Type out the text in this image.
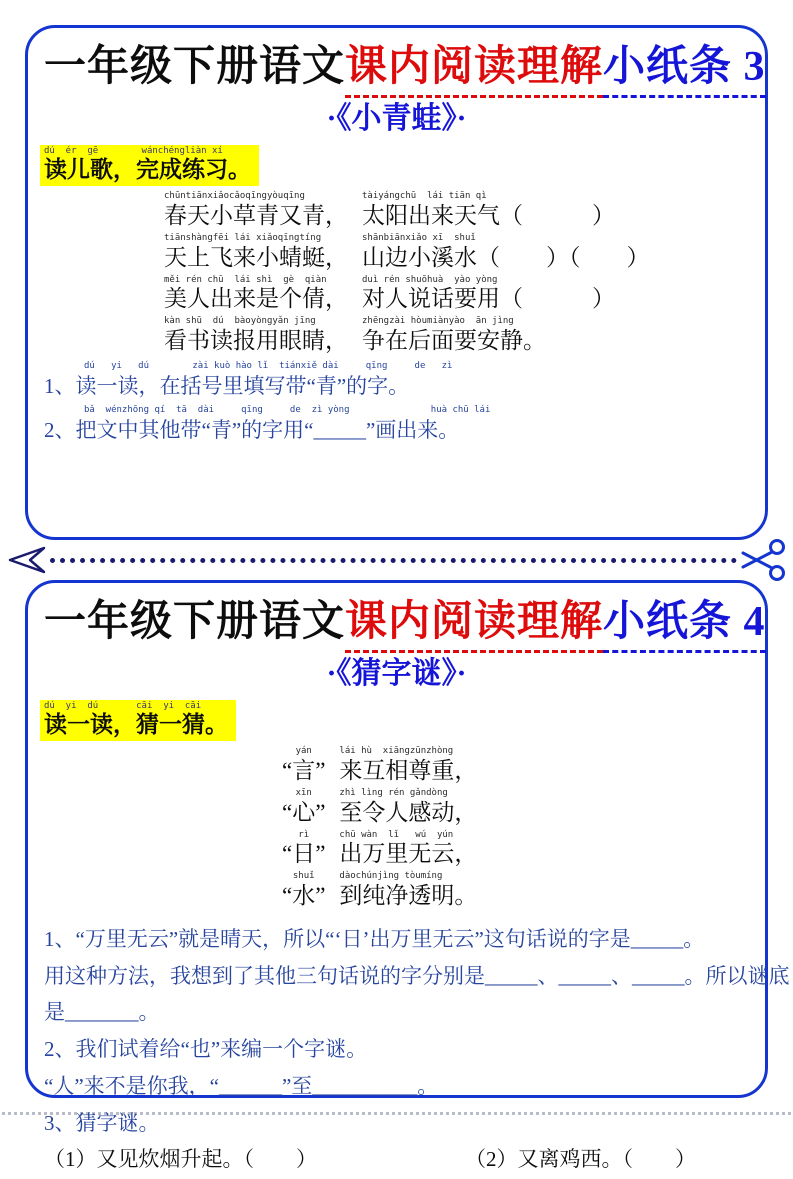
一年级下册语文课内阅读理解小纸条 3
·《小青蛙》·
dú  ér  gē        wánchéngliàn xí
读儿歌，完成练习。
chūntiānxiǎocǎoqīngyòuqīng
春天小草青又青，
tàiyángchū  lái tiān qì
太阳出来天气（　　　）
tiānshàngfēi lái xiǎoqīngtíng
天上飞来小蜻蜓，
shānbiānxiǎo xī  shuǐ
山边小溪水（　　）（　　）
měi rén chū  lái shì  gè  qiàn
美人出来是个倩，
duì rén shuōhuà  yào yòng
对人说话要用（　　　）
kàn shū  dú  bàoyòngyǎn jīng
看书读报用眼睛，
zhēngzài hòumiànyào  ān jìng
争在后面要安静。
dú   yi   dú        zài kuò hào lǐ  tiánxiě dài     qīng     de   zì
1、读一读，在括号里填写带“青”的字。
bǎ  wénzhōng qí  tā  dài     qīng     de  zì yòng               huà chū lái
2、把文中其他带“青”的字用“_____”画出来。
一年级下册语文课内阅读理解小纸条 4
·《猜字谜》·
dú  yi  dú       cāi  yi  cāi
读一读，猜一猜。
yán
“言”
lái hù  xiāngzūnzhòng
来互相尊重，
xīn
“心”
zhì lìng rén gǎndòng
至令人感动，
rì
“日”
chū wàn  lǐ   wú  yún
出万里无云，
shuǐ
“水”
dàochúnjìng tòumíng
到纯净透明。
1、“万里无云”就是晴天，所以“‘日’出万里无云”这句话说的字是_____。
用这种方法，我想到了其他三句话说的字分别是_____、_____、_____。所以谜底
是_______。
2、我们试着给“也”来编一个字谜。
“人”来不是你我，“______”至__________。
3、猜字谜。
（1）又见炊烟升起。（　　）	（2）又离鸡西。（　　）
